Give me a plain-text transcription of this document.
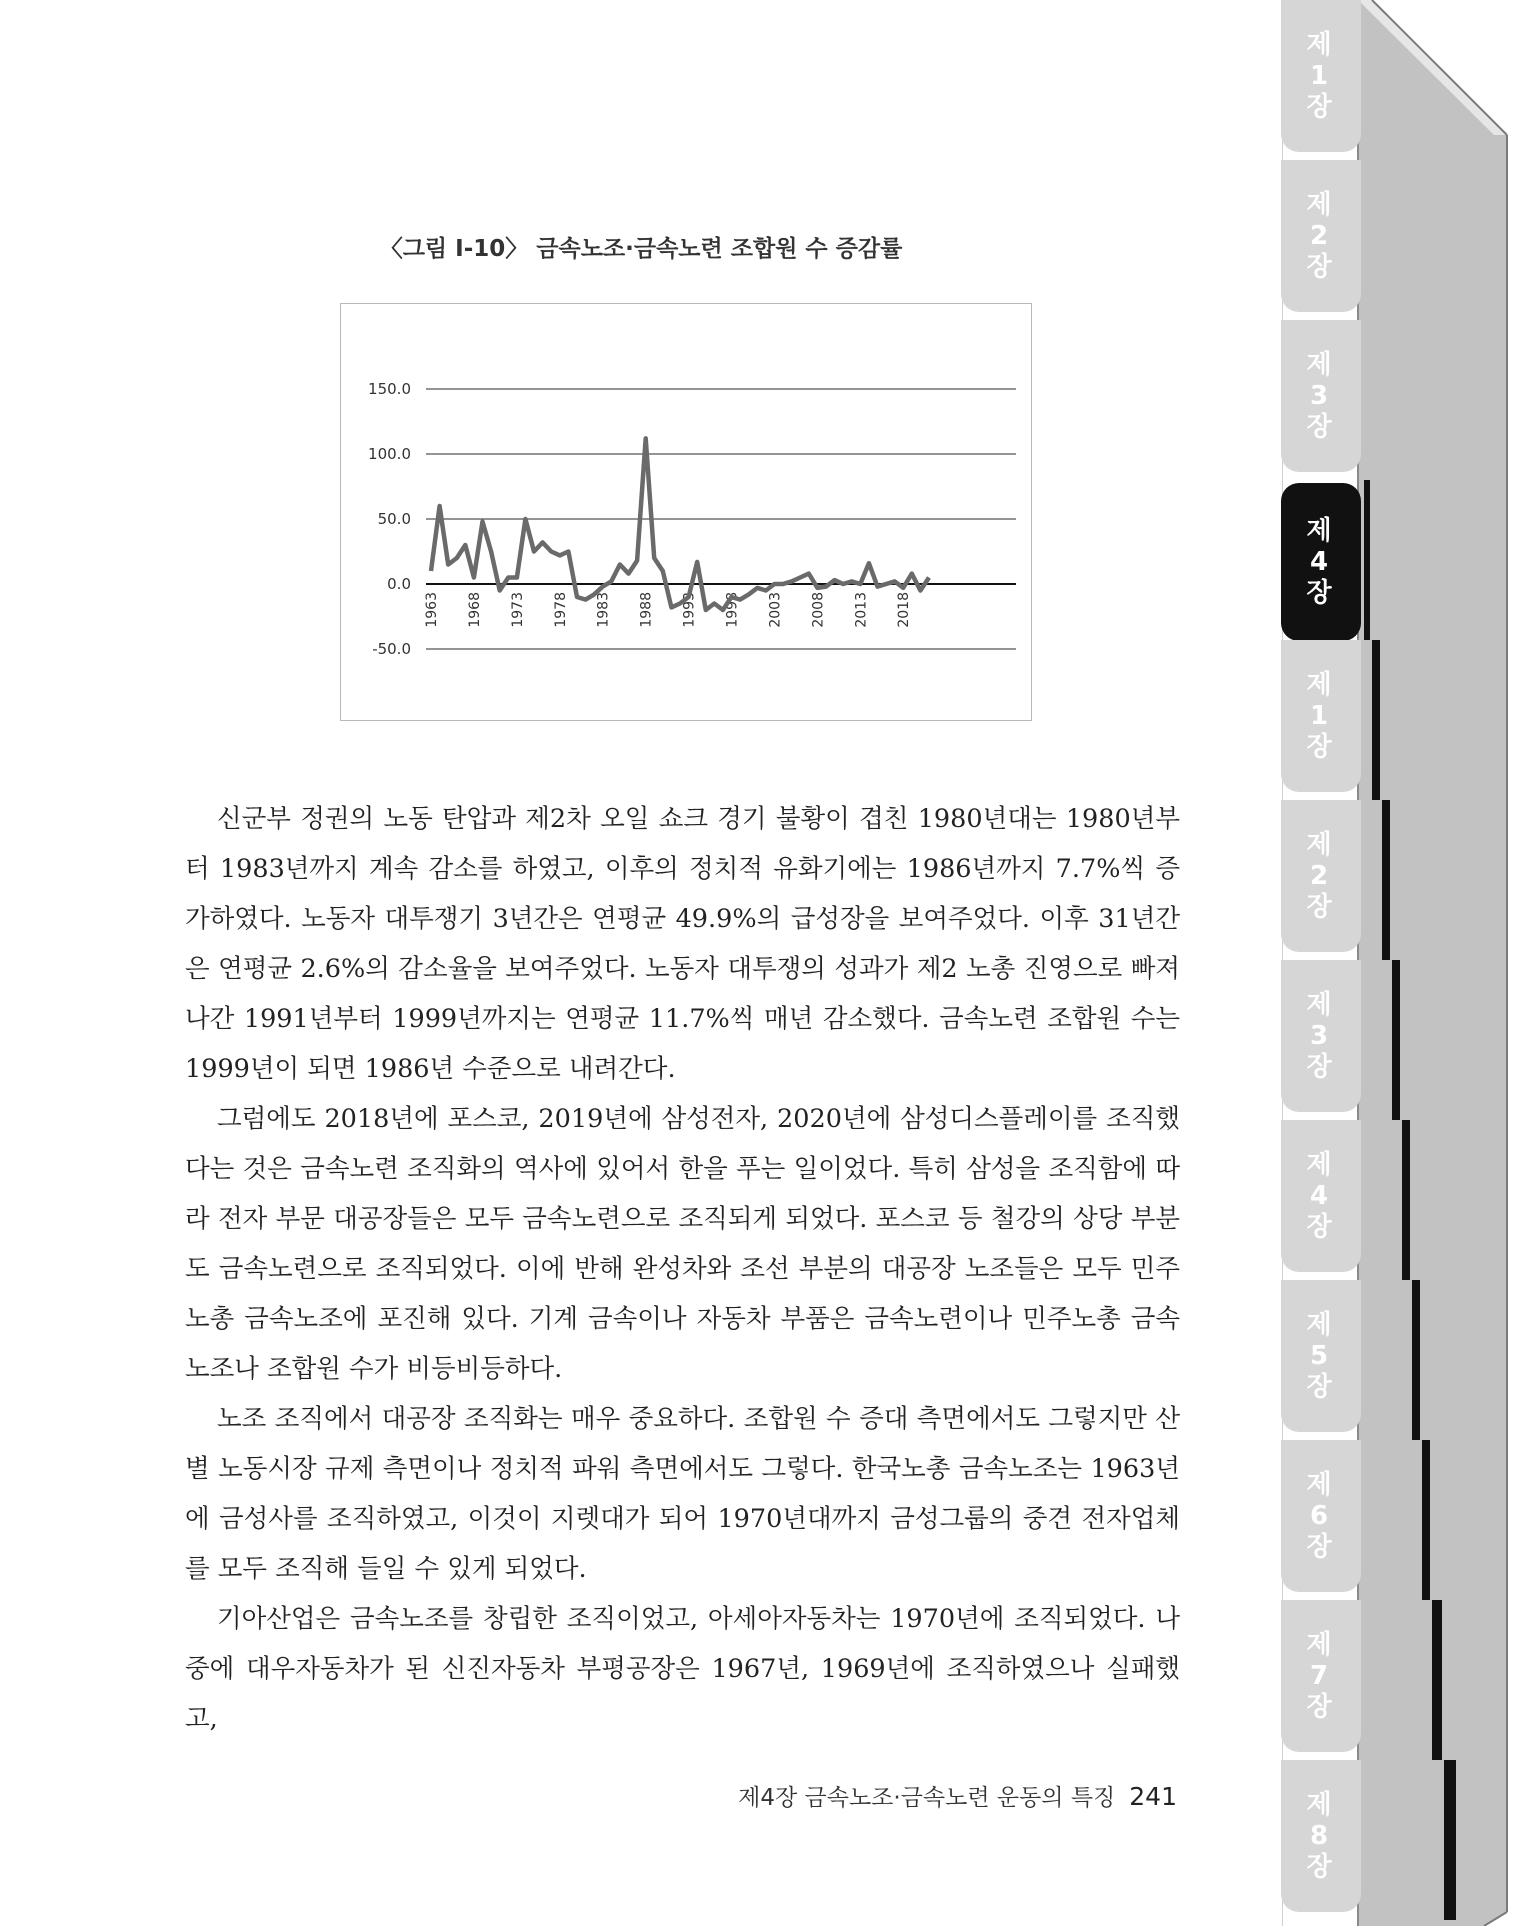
〈그림 Ⅰ-10〉 금속노조·금속노련 조합원 수 증감률
150.0
100.0
50.0
0.0
-50.0
1963 1968 1973 1978 1983 1988 1993 1998 2003 2008 2013 2018

신군부 정권의 노동 탄압과 제2차 오일 쇼크 경기 불황이 겹친 1980년대는 1980년부터 1983년까지 계속 감소를 하였고, 이후의 정치적 유화기에는 1986년까지 7.7%씩 증가하였다. 노동자 대투쟁기 3년간은 연평균 49.9%의 급성장을 보여주었다. 이후 31년간은 연평균 2.6%의 감소율을 보여주었다. 노동자 대투쟁의 성과가 제2 노총 진영으로 빠져나간 1991년부터 1999년까지는 연평균 11.7%씩 매년 감소했다. 금속노련 조합원 수는 1999년이 되면 1986년 수준으로 내려간다.

그럼에도 2018년에 포스코, 2019년에 삼성전자, 2020년에 삼성디스플레이를 조직했다는 것은 금속노련 조직화의 역사에 있어서 한을 푸는 일이었다. 특히 삼성을 조직함에 따라 전자 부문 대공장들은 모두 금속노련으로 조직되게 되었다. 포스코 등 철강의 상당 부분도 금속노련으로 조직되었다. 이에 반해 완성차와 조선 부분의 대공장 노조들은 모두 민주노총 금속노조에 포진해 있다. 기계 금속이나 자동차 부품은 금속노련이나 민주노총 금속노조나 조합원 수가 비등비등하다.

노조 조직에서 대공장 조직화는 매우 중요하다. 조합원 수 증대 측면에서도 그렇지만 산별 노동시장 규제 측면이나 정치적 파워 측면에서도 그렇다. 한국노총 금속노조는 1963년에 금성사를 조직하였고, 이것이 지렛대가 되어 1970년대까지 금성그룹의 중견 전자업체를 모두 조직해 들일 수 있게 되었다.

기아산업은 금속노조를 창립한 조직이었고, 아세아자동차는 1970년에 조직되었다. 나중에 대우자동차가 된 신진자동차 부평공장은 1967년, 1969년에 조직하였으나 실패했고,

제4장 금속노조·금속노련 운동의 특징 241
제
1
장
제
2
장
제
3
장
제
4
장
제
1
장
제
2
장
제
3
장
제
4
장
제
5
장
제
6
장
제
7
장
제
8
장
